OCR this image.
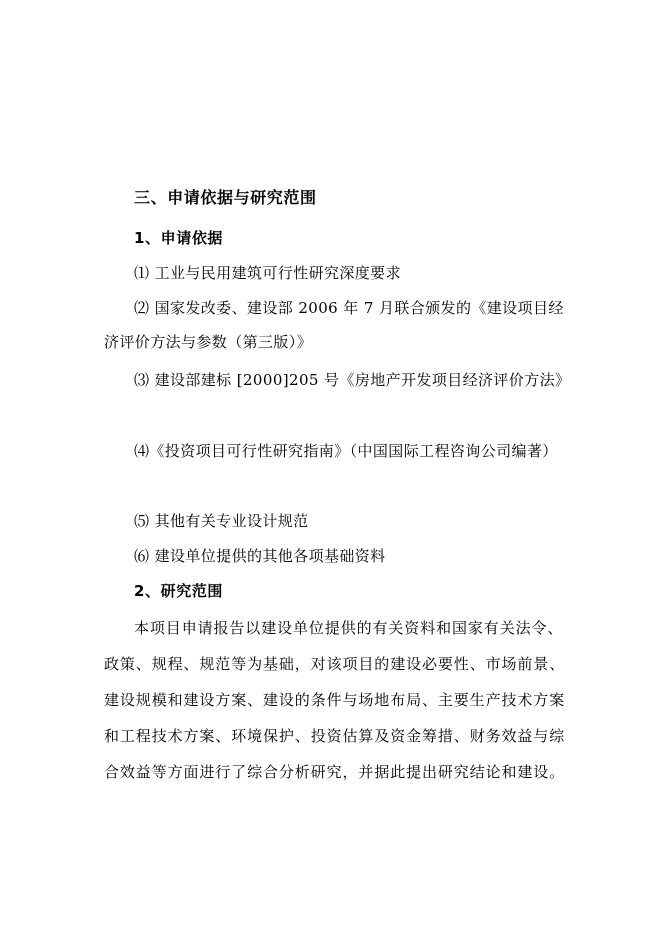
三、申请依据与研究范围
1、申请依据
⑴ 工业与民用建筑可行性研究深度要求
⑵ 国家发改委、建设部 2006 年 7 月联合颁发的《建设项目经
济评价方法与参数（第三版）》
⑶ 建设部建标 [2000]205 号《房地产开发项目经济评价方法》
⑷《投资项目可行性研究指南》（中国国际工程咨询公司编著）
⑸ 其他有关专业设计规范
⑹ 建设单位提供的其他各项基础资料
2、研究范围
本项目申请报告以建设单位提供的有关资料和国家有关法令、
政策、规程、规范等为基础，对该项目的建设必要性、市场前景、
建设规模和建设方案、建设的条件与场地布局、主要生产技术方案
和工程技术方案、环境保护、投资估算及资金筹措、财务效益与综
合效益等方面进行了综合分析研究，并据此提出研究结论和建设。
